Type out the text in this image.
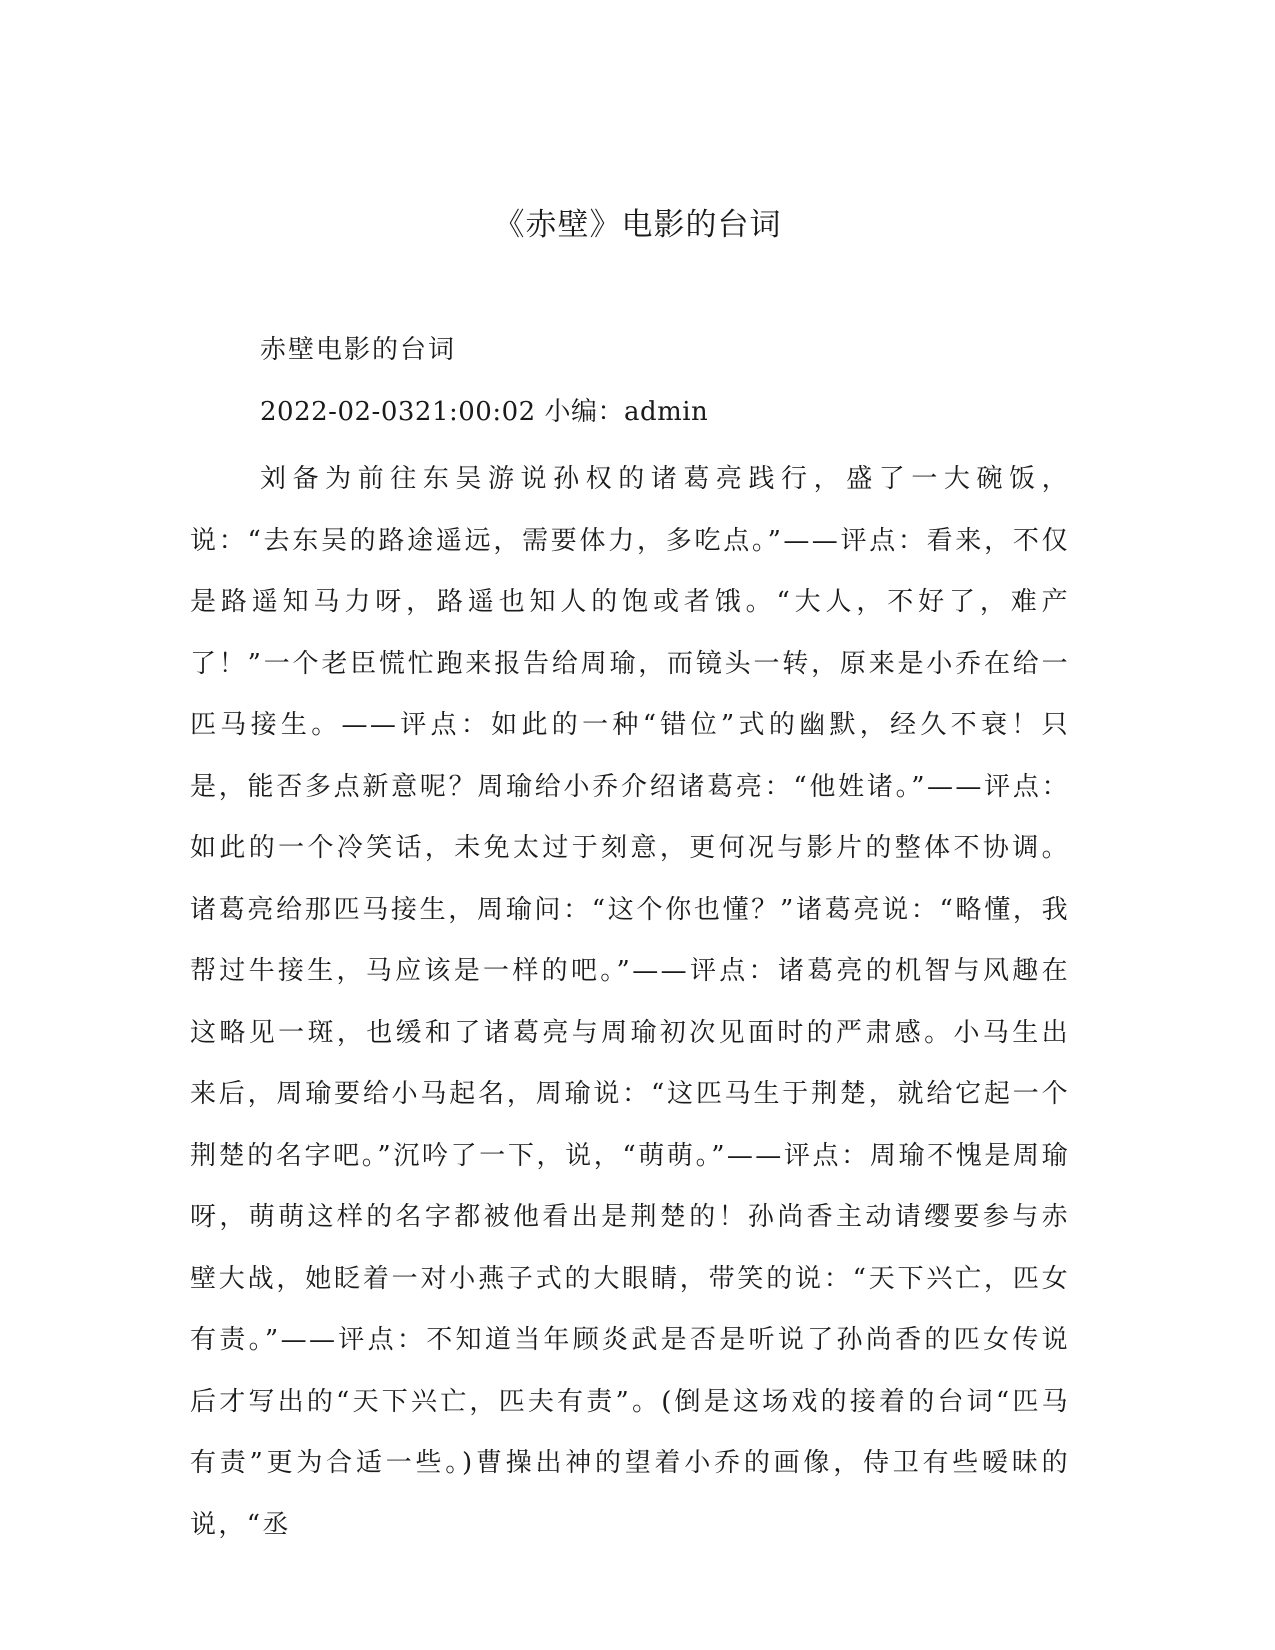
《赤壁》电影的台词

赤壁电影的台词

2022-02-0321:00:02 小编：admin

刘备为前往东吴游说孙权的诸葛亮践行，盛了一大碗饭，说：“去东吴的路途遥远，需要体力，多吃点。”——评点：看来，不仅是路遥知马力呀，路遥也知人的饱或者饿。“大人，不好了，难产了！”一个老臣慌忙跑来报告给周瑜，而镜头一转，原来是小乔在给一匹马接生。——评点：如此的一种“错位”式的幽默，经久不衰！只是，能否多点新意呢？周瑜给小乔介绍诸葛亮：“他姓诸。”——评点：如此的一个冷笑话，未免太过于刻意，更何况与影片的整体不协调。诸葛亮给那匹马接生，周瑜问：“这个你也懂？”诸葛亮说：“略懂，我帮过牛接生，马应该是一样的吧。”——评点：诸葛亮的机智与风趣在这略见一斑，也缓和了诸葛亮与周瑜初次见面时的严肃感。小马生出来后，周瑜要给小马起名，周瑜说：“这匹马生于荆楚，就给它起一个荆楚的名字吧。”沉吟了一下，说，“萌萌。”——评点：周瑜不愧是周瑜呀，萌萌这样的名字都被他看出是荆楚的！孙尚香主动请缨要参与赤壁大战，她眨着一对小燕子式的大眼睛，带笑的说：“天下兴亡，匹女有责。”——评点：不知道当年顾炎武是否是听说了孙尚香的匹女传说后才写出的“天下兴亡，匹夫有责”。(倒是这场戏的接着的台词“匹马有责”更为合适一些。)曹操出神的望着小乔的画像，侍卫有些暧昧的说，“丞
